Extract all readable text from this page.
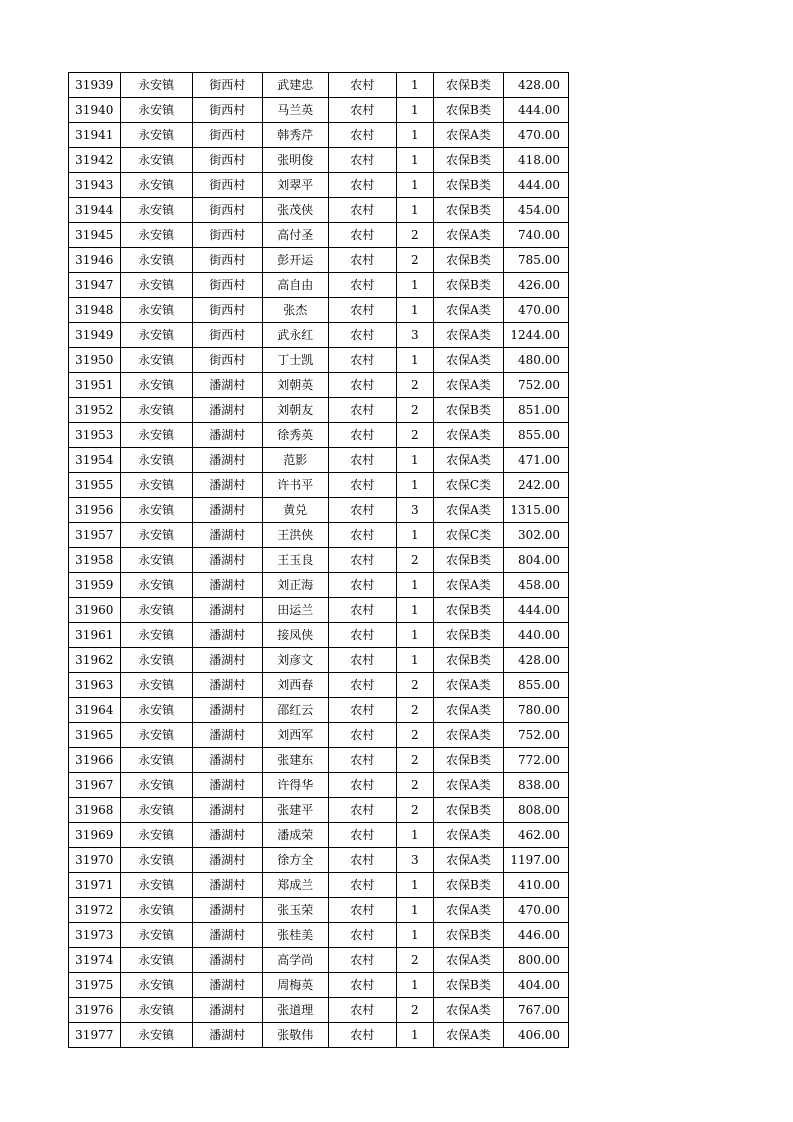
31939	永安镇	街西村	武建忠	农村	1	农保B类	428.00
31940	永安镇	街西村	马兰英	农村	1	农保B类	444.00
31941	永安镇	街西村	韩秀芹	农村	1	农保A类	470.00
31942	永安镇	街西村	张明俊	农村	1	农保B类	418.00
31943	永安镇	街西村	刘翠平	农村	1	农保B类	444.00
31944	永安镇	街西村	张茂侠	农村	1	农保B类	454.00
31945	永安镇	街西村	高付圣	农村	2	农保A类	740.00
31946	永安镇	街西村	彭开运	农村	2	农保B类	785.00
31947	永安镇	街西村	高自由	农村	1	农保B类	426.00
31948	永安镇	街西村	张杰	农村	1	农保A类	470.00
31949	永安镇	街西村	武永红	农村	3	农保A类	1244.00
31950	永安镇	街西村	丁士凯	农村	1	农保A类	480.00
31951	永安镇	潘湖村	刘朝英	农村	2	农保A类	752.00
31952	永安镇	潘湖村	刘朝友	农村	2	农保B类	851.00
31953	永安镇	潘湖村	徐秀英	农村	2	农保A类	855.00
31954	永安镇	潘湖村	范影	农村	1	农保A类	471.00
31955	永安镇	潘湖村	许书平	农村	1	农保C类	242.00
31956	永安镇	潘湖村	黄兑	农村	3	农保A类	1315.00
31957	永安镇	潘湖村	王洪侠	农村	1	农保C类	302.00
31958	永安镇	潘湖村	王玉良	农村	2	农保B类	804.00
31959	永安镇	潘湖村	刘正海	农村	1	农保A类	458.00
31960	永安镇	潘湖村	田运兰	农村	1	农保B类	444.00
31961	永安镇	潘湖村	接凤侠	农村	1	农保B类	440.00
31962	永安镇	潘湖村	刘彦文	农村	1	农保B类	428.00
31963	永安镇	潘湖村	刘西春	农村	2	农保A类	855.00
31964	永安镇	潘湖村	邵红云	农村	2	农保A类	780.00
31965	永安镇	潘湖村	刘西军	农村	2	农保A类	752.00
31966	永安镇	潘湖村	张建东	农村	2	农保B类	772.00
31967	永安镇	潘湖村	许得华	农村	2	农保A类	838.00
31968	永安镇	潘湖村	张建平	农村	2	农保B类	808.00
31969	永安镇	潘湖村	潘成荣	农村	1	农保A类	462.00
31970	永安镇	潘湖村	徐方全	农村	3	农保A类	1197.00
31971	永安镇	潘湖村	郑成兰	农村	1	农保B类	410.00
31972	永安镇	潘湖村	张玉荣	农村	1	农保A类	470.00
31973	永安镇	潘湖村	张桂美	农村	1	农保B类	446.00
31974	永安镇	潘湖村	高学尚	农村	2	农保A类	800.00
31975	永安镇	潘湖村	周梅英	农村	1	农保B类	404.00
31976	永安镇	潘湖村	张道理	农村	2	农保A类	767.00
31977	永安镇	潘湖村	张敬伟	农村	1	农保A类	406.00
